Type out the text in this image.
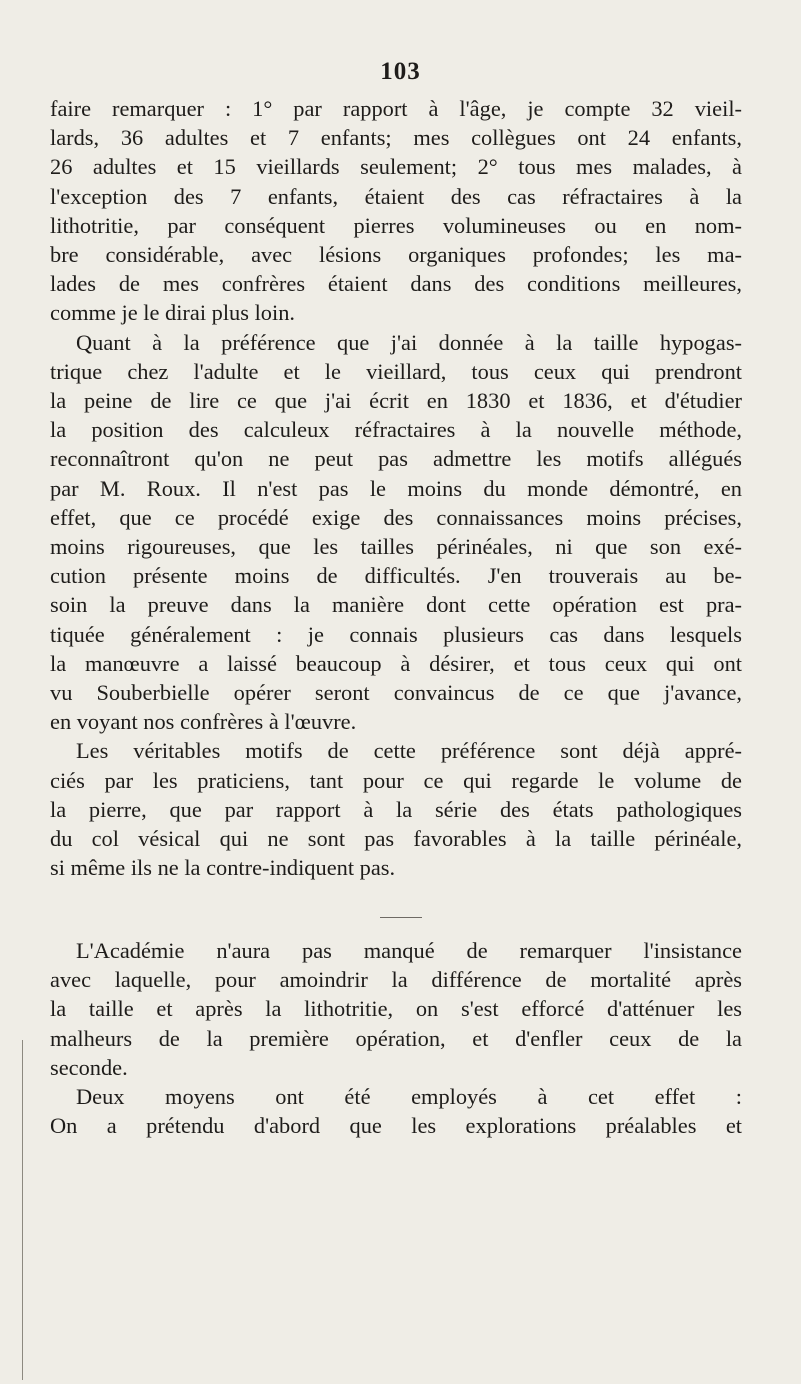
103
faire remarquer : 1° par rapport à l'âge, je compte 32 vieil-
lards, 36 adultes et 7 enfants; mes collègues ont 24 enfants,
26 adultes et 15 vieillards seulement; 2° tous mes malades, à
l'exception des 7 enfants, étaient des cas réfractaires à la
lithotritie, par conséquent pierres volumineuses ou en nom-
bre considérable, avec lésions organiques profondes; les ma-
lades de mes confrères étaient dans des conditions meilleures,
comme je le dirai plus loin.
Quant à la préférence que j'ai donnée à la taille hypogas-
trique chez l'adulte et le vieillard, tous ceux qui prendront
la peine de lire ce que j'ai écrit en 1830 et 1836, et d'étudier
la position des calculeux réfractaires à la nouvelle méthode,
reconnaîtront qu'on ne peut pas admettre les motifs allégués
par M. Roux. Il n'est pas le moins du monde démontré, en
effet, que ce procédé exige des connaissances moins précises,
moins rigoureuses, que les tailles périnéales, ni que son exé-
cution présente moins de difficultés. J'en trouverais au be-
soin la preuve dans la manière dont cette opération est pra-
tiquée généralement : je connais plusieurs cas dans lesquels
la manœuvre a laissé beaucoup à désirer, et tous ceux qui ont
vu Souberbielle opérer seront convaincus de ce que j'avance,
en voyant nos confrères à l'œuvre.
Les véritables motifs de cette préférence sont déjà appré-
ciés par les praticiens, tant pour ce qui regarde le volume de
la pierre, que par rapport à la série des états pathologiques
du col vésical qui ne sont pas favorables à la taille périnéale,
si même ils ne la contre-indiquent pas.
L'Académie n'aura pas manqué de remarquer l'insistance
avec laquelle, pour amoindrir la différence de mortalité après
la taille et après la lithotritie, on s'est efforcé d'atténuer les
malheurs de la première opération, et d'enfler ceux de la
seconde.
Deux moyens ont été employés à cet effet :
On a prétendu d'abord que les explorations préalables et
